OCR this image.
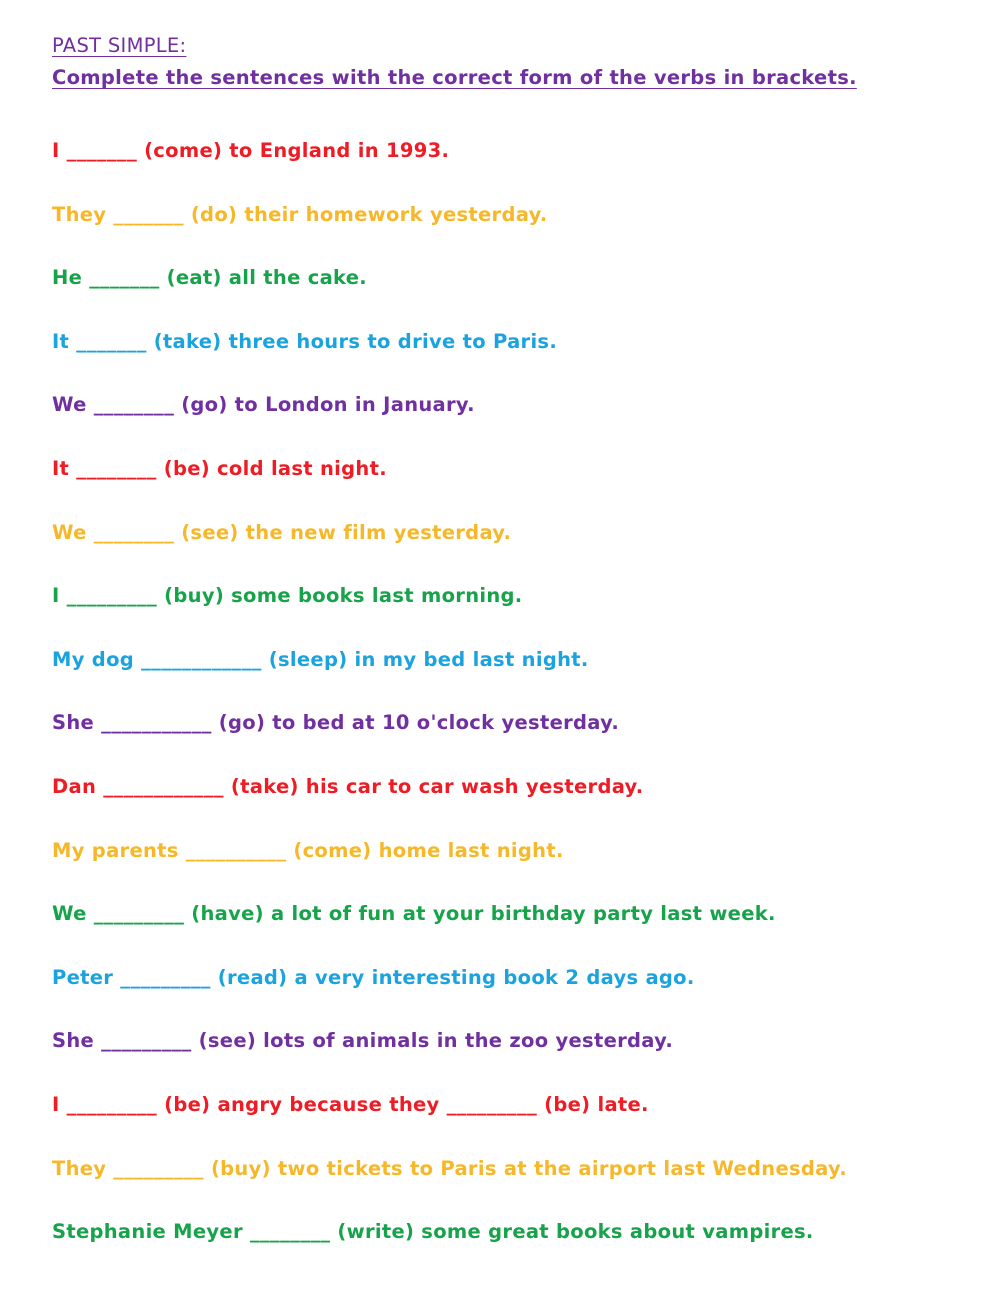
PAST SIMPLE:

Complete the sentences with the correct form of the verbs in brackets.

I _______ (come) to England in 1993.
They _______ (do) their homework yesterday.
He _______ (eat) all the cake.
It _______ (take) three hours to drive to Paris.
We ________ (go) to London in January.
It ________ (be) cold last night.
We ________ (see) the new film yesterday.
I _________ (buy) some books last morning.
My dog ____________ (sleep) in my bed last night.
She ___________ (go) to bed at 10 o'clock yesterday.
Dan ____________ (take) his car to car wash yesterday.
My parents __________ (come) home last night.
We _________ (have) a lot of fun at your birthday party last week.
Peter _________ (read) a very interesting book 2 days ago.
She _________ (see) lots of animals in the zoo yesterday.
I _________ (be) angry because they _________ (be) late.
They _________ (buy) two tickets to Paris at the airport last Wednesday.
Stephanie Meyer ________ (write) some great books about vampires.
